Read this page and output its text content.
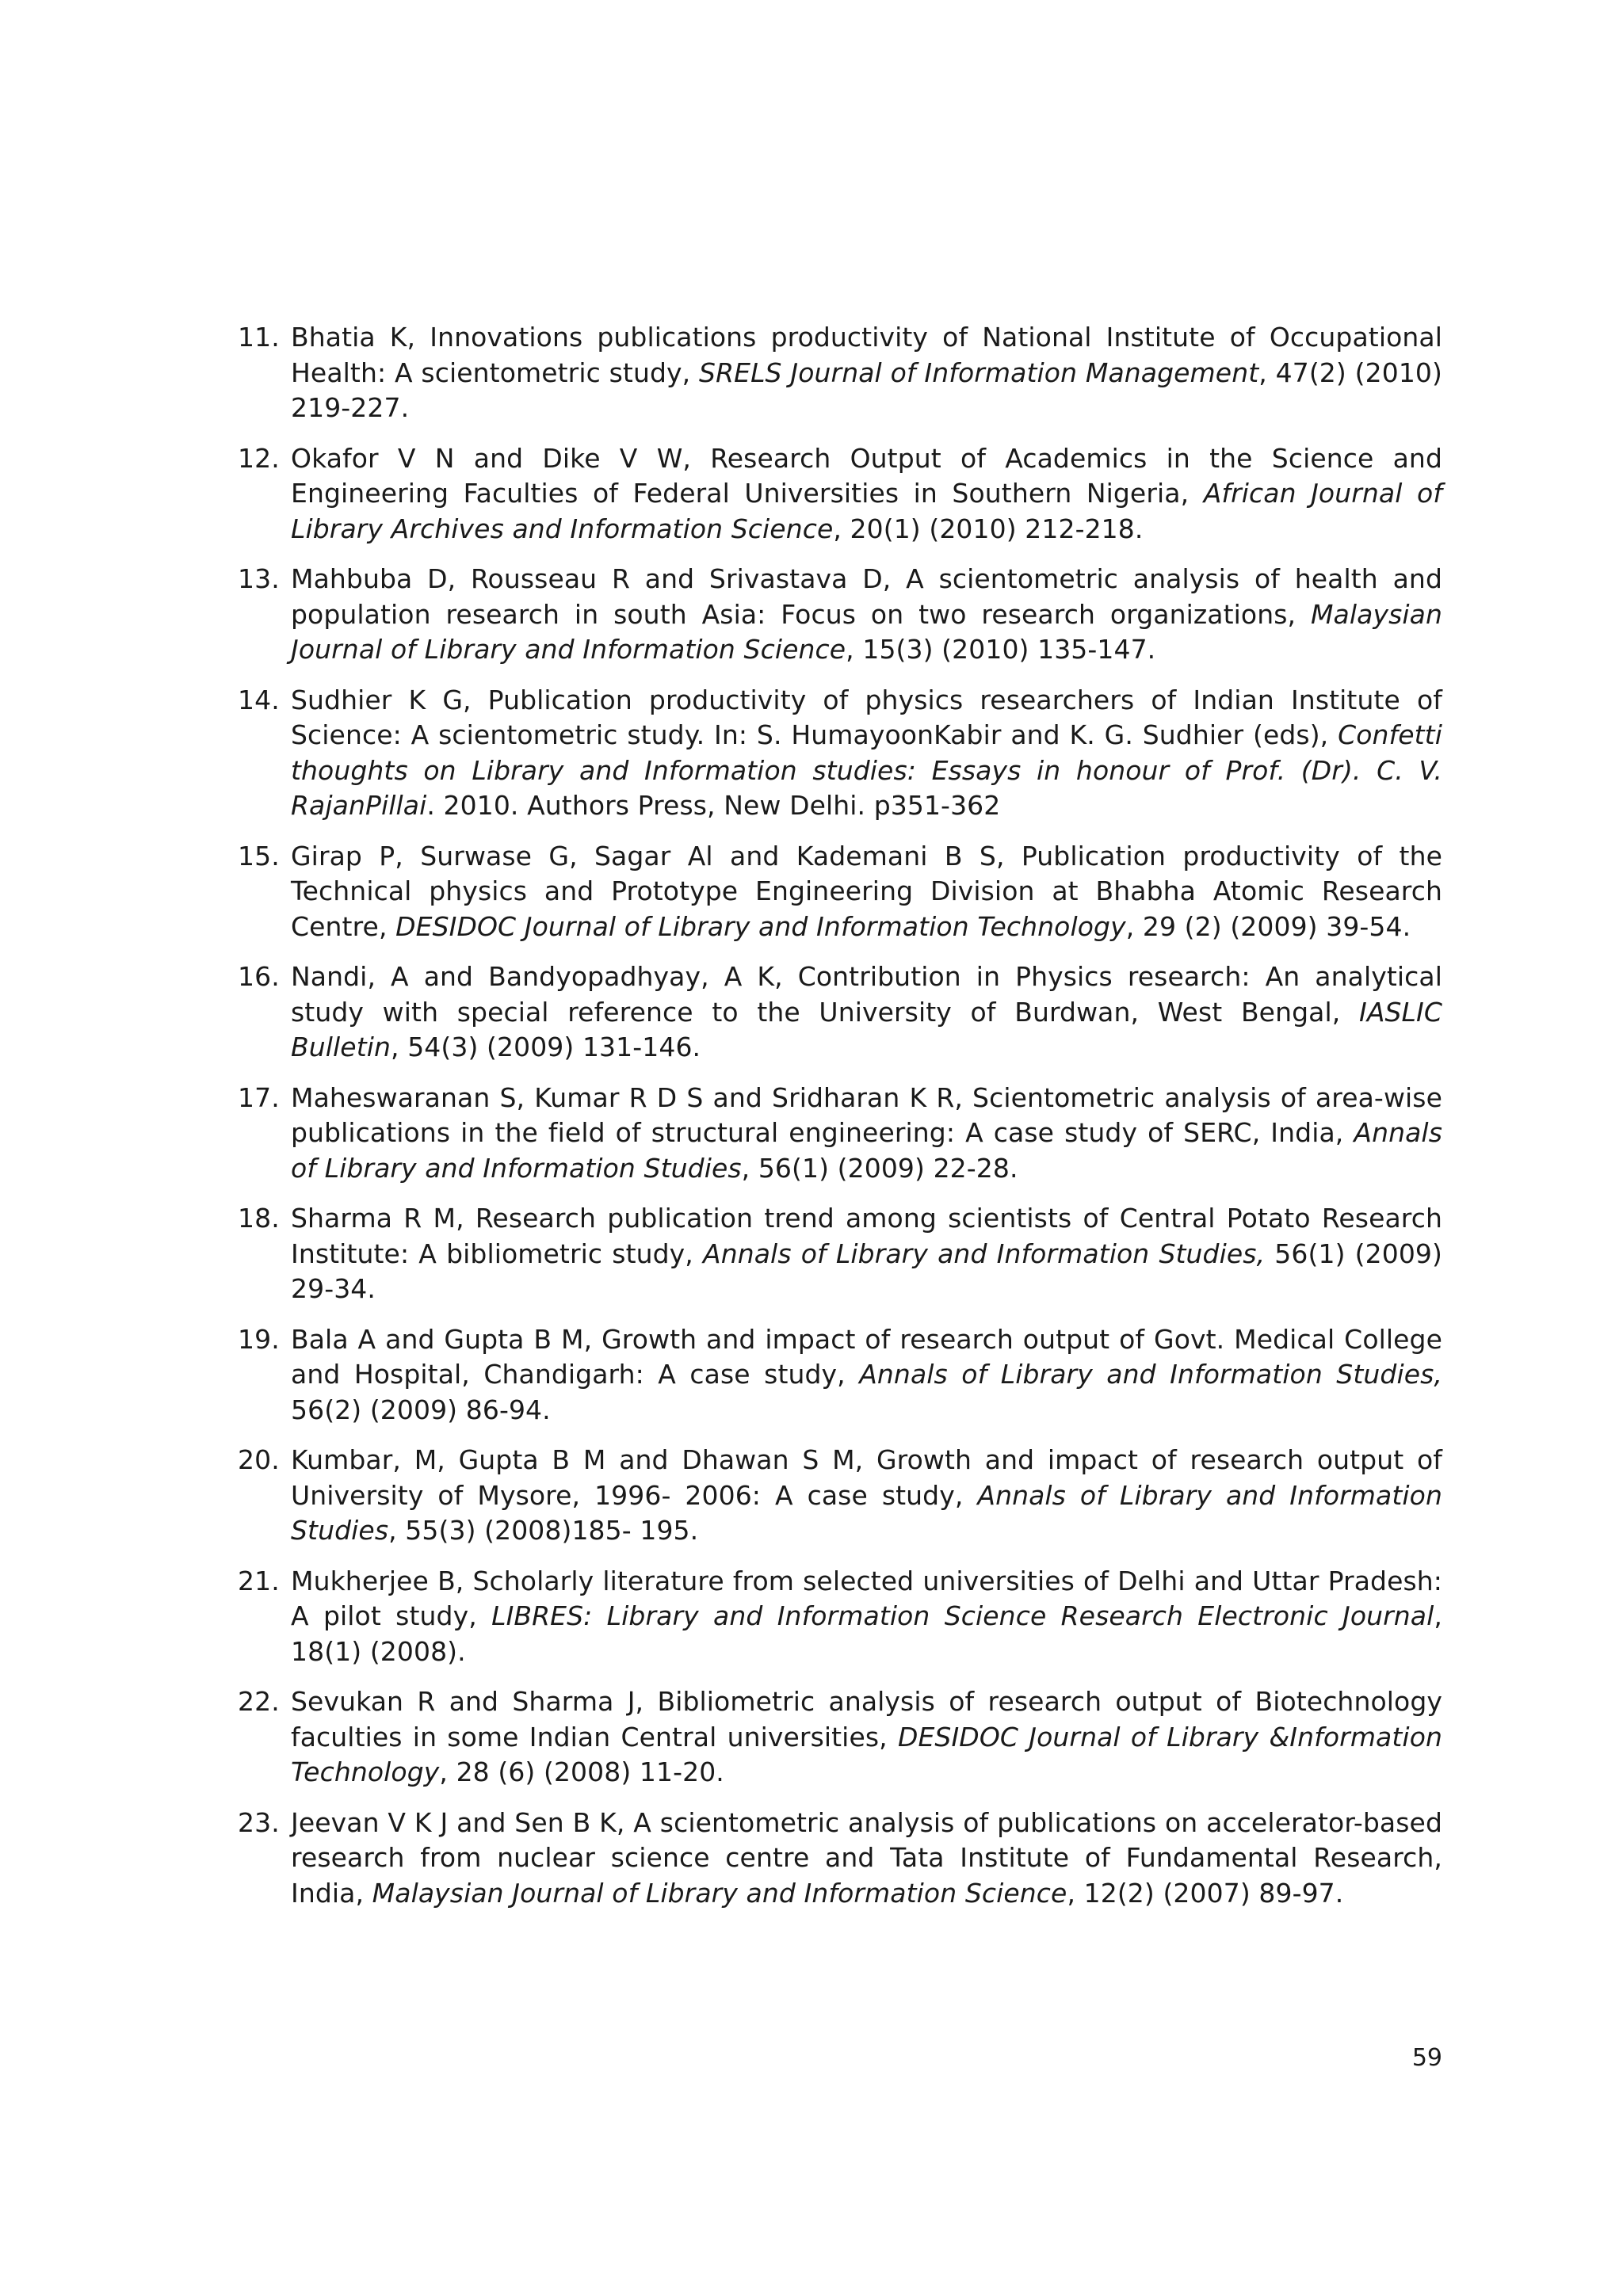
11. Bhatia K, Innovations publications productivity of National Institute of Occupational Health: A scientometric study, SRELS Journal of Information Management, 47(2) (2010) 219-227.
12. Okafor V N and Dike V W, Research Output of Academics in the Science and Engineering Faculties of Federal Universities in Southern Nigeria, African Journal of Library Archives and Information Science, 20(1) (2010) 212-218.
13. Mahbuba D, Rousseau R and Srivastava D, A scientometric analysis of health and population research in south Asia: Focus on two research organizations, Malaysian Journal of Library and Information Science, 15(3) (2010) 135-147.
14. Sudhier K G, Publication productivity of physics researchers of Indian Institute of Science: A scientometric study. In: S. HumayoonKabir and K. G. Sudhier (eds), Confetti thoughts on Library and Information studies: Essays in honour of Prof. (Dr). C. V. RajanPillai. 2010. Authors Press, New Delhi. p351-362
15. Girap P, Surwase G, Sagar Al and Kademani B S, Publication productivity of the Technical physics and Prototype Engineering Division at Bhabha Atomic Research Centre, DESIDOC Journal of Library and Information Technology, 29 (2) (2009) 39-54.
16. Nandi, A and Bandyopadhyay, A K, Contribution in Physics research: An analytical study with special reference to the University of Burdwan, West Bengal, IASLIC Bulletin, 54(3) (2009) 131-146.
17. Maheswaranan S, Kumar R D S and Sridharan K R, Scientometric analysis of area-wise publications in the field of structural engineering: A case study of SERC, India, Annals of Library and Information Studies, 56(1) (2009) 22-28.
18. Sharma R M, Research publication trend among scientists of Central Potato Research Institute: A bibliometric study, Annals of Library and Information Studies, 56(1) (2009) 29-34.
19. Bala A and Gupta B M, Growth and impact of research output of Govt. Medical College and Hospital, Chandigarh: A case study, Annals of Library and Information Studies, 56(2) (2009) 86-94.
20. Kumbar, M, Gupta B M and Dhawan S M, Growth and impact of research output of University of Mysore, 1996- 2006: A case study, Annals of Library and Information Studies, 55(3) (2008)185- 195.
21. Mukherjee B, Scholarly literature from selected universities of Delhi and Uttar Pradesh: A pilot study, LIBRES: Library and Information Science Research Electronic Journal, 18(1) (2008).
22. Sevukan R and Sharma J, Bibliometric analysis of research output of Biotechnology faculties in some Indian Central universities, DESIDOC Journal of Library &Information Technology, 28 (6) (2008) 11-20.
23. Jeevan V K J and Sen B K, A scientometric analysis of publications on accelerator-based research from nuclear science centre and Tata Institute of Fundamental Research, India, Malaysian Journal of Library and Information Science, 12(2) (2007) 89-97.
59
